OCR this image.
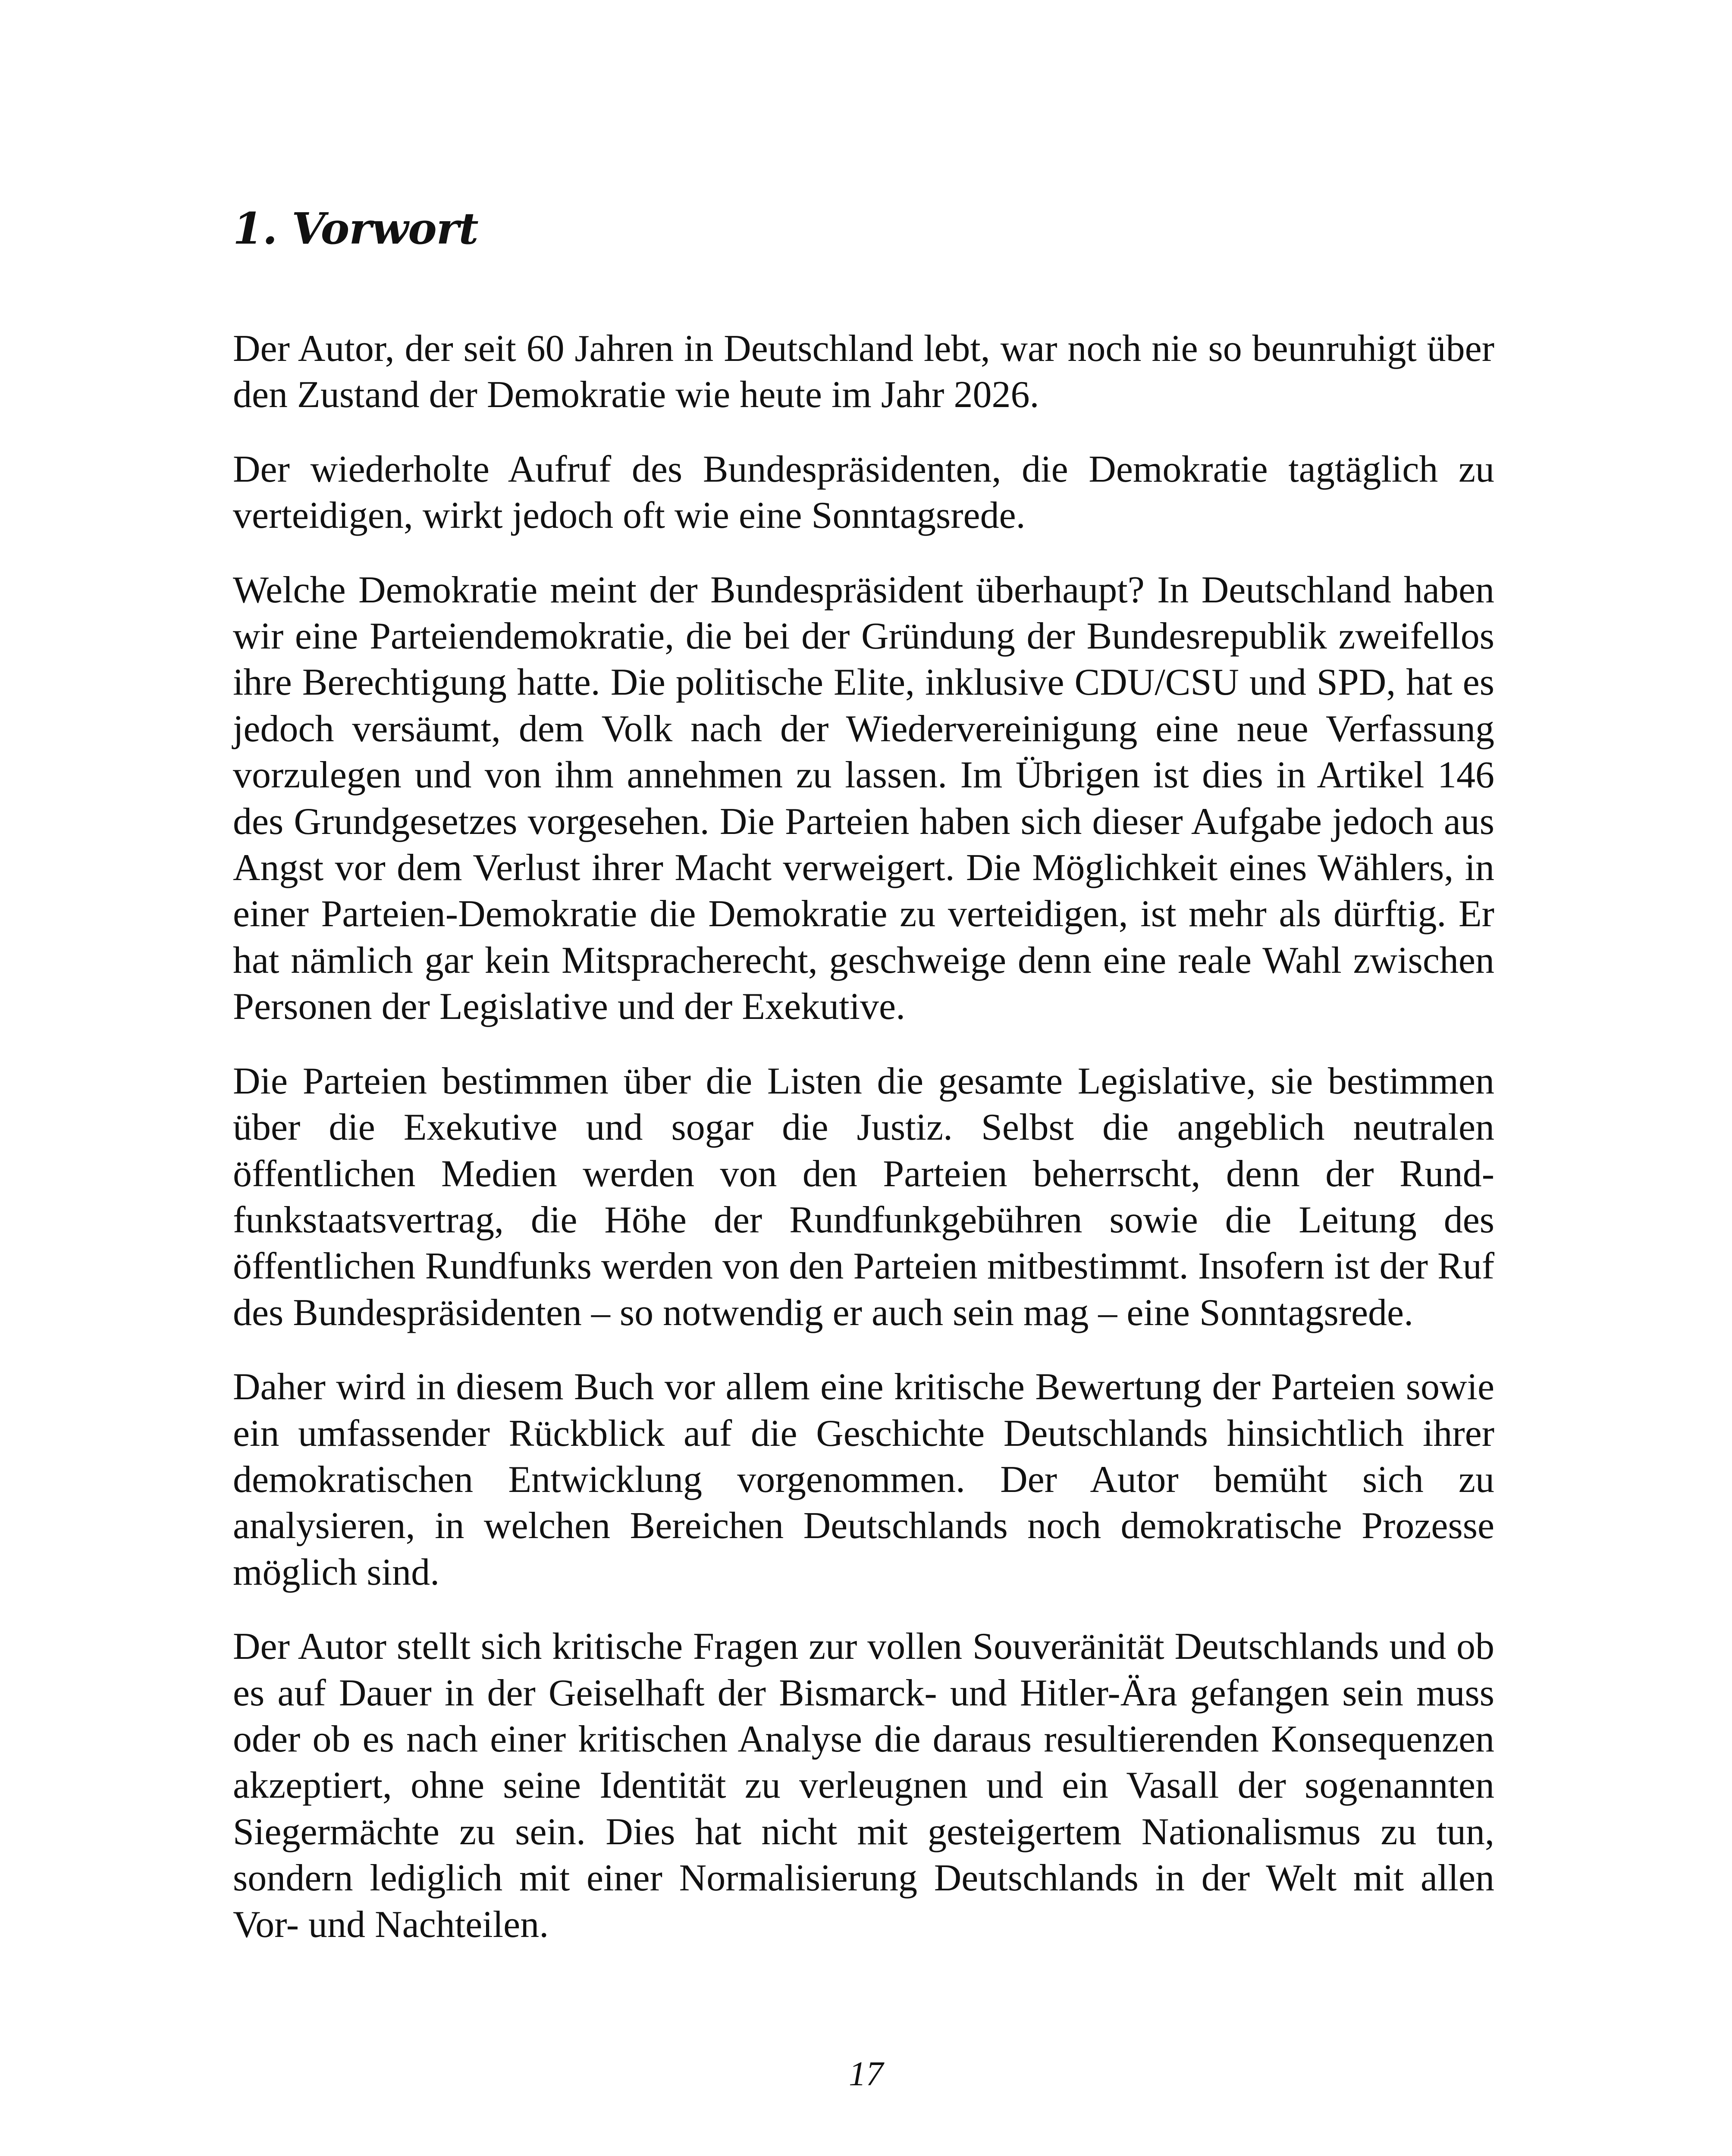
1. Vorwort

Der Autor, der seit 60 Jahren in Deutschland lebt, war noch nie so beunruhigt über den Zustand der Demokratie wie heute im Jahr 2026.

Der wiederholte Aufruf des Bundespräsidenten, die Demokratie tagtäglich zu verteidigen, wirkt jedoch oft wie eine Sonntagsrede.

Welche Demokratie meint der Bundespräsident überhaupt? In Deutschland haben wir eine Parteiendemokratie, die bei der Gründung der Bundesrepublik zweifellos ihre Berechtigung hatte. Die politische Elite, inklusive CDU/CSU und SPD, hat es jedoch versäumt, dem Volk nach der Wiedervereinigung eine neue Verfassung vorzulegen und von ihm annehmen zu lassen. Im Übrigen ist dies in Artikel 146 des Grundgesetzes vorgesehen. Die Parteien haben sich dieser Aufgabe jedoch aus Angst vor dem Verlust ihrer Macht verweigert. Die Möglichkeit eines Wählers, in einer Parteien-Demokratie die Demokratie zu verteidigen, ist mehr als dürftig. Er hat nämlich gar kein Mitspracherecht, geschweige denn eine reale Wahl zwischen Personen der Legislative und der Exekutive.

Die Parteien bestimmen über die Listen die gesamte Legislative, sie bestimmen über die Exekutive und sogar die Justiz. Selbst die angeblich neutralen öffentlichen Medien werden von den Parteien beherrscht, denn der Rundfunkstaatsvertrag, die Höhe der Rundfunkgebühren sowie die Leitung des öffentlichen Rundfunks werden von den Parteien mitbestimmt. Insofern ist der Ruf des Bundespräsidenten – so notwendig er auch sein mag – eine Sonntagsrede.

Daher wird in diesem Buch vor allem eine kritische Bewertung der Parteien sowie ein umfassender Rückblick auf die Geschichte Deutschlands hinsichtlich ihrer demokratischen Entwicklung vorgenommen. Der Autor bemüht sich zu analysieren, in welchen Bereichen Deutschlands noch demokratische Prozesse möglich sind.

Der Autor stellt sich kritische Fragen zur vollen Souveränität Deutschlands und ob es auf Dauer in der Geiselhaft der Bismarck- und Hitler-Ära gefangen sein muss oder ob es nach einer kritischen Analyse die daraus resultierenden Konsequenzen akzeptiert, ohne seine Identität zu verleugnen und ein Vasall der sogenannten Siegermächte zu sein. Dies hat nicht mit gesteigertem Nationalismus zu tun, sondern lediglich mit einer Normalisierung Deutschlands in der Welt mit allen Vor- und Nachteilen.

17
